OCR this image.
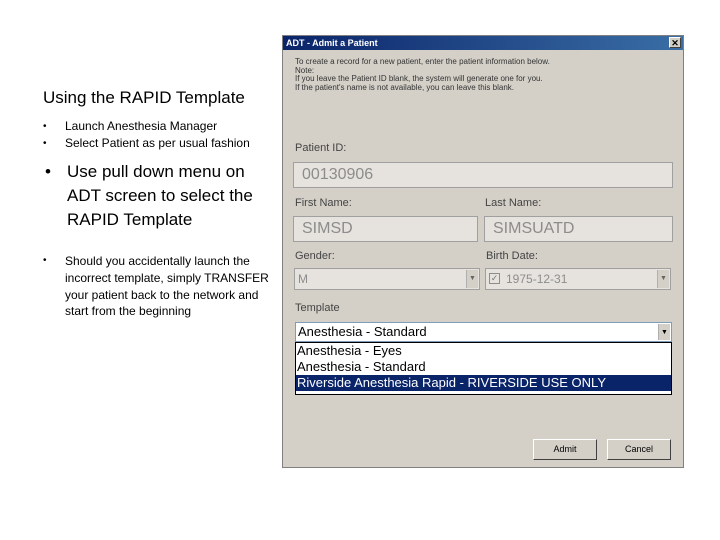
Using the RAPID Template
• Launch Anesthesia Manager
• Select Patient as per usual fashion
• Use pull down menu on ADT screen to select the RAPID Template
• Should you accidentally launch the incorrect template, simply TRANSFER your patient back to the network and start from the beginning
ADT - Admit a Patient	✕
To create a record for a new patient, enter the patient information below.
Note:
If you leave the Patient ID blank, the system will generate one for you.
If the patient's name is not available, you can leave this blank.
Patient ID:
00130906
First Name:
SIMSD
Last Name:
SIMSUATD
Gender:
M	▼
Birth Date:
✓ 1975-12-31	▼
Template
Anesthesia - Standard	▼
Anesthesia - Eyes
Anesthesia - Standard
Riverside Anesthesia Rapid - RIVERSIDE USE ONLY
Admit	Cancel
